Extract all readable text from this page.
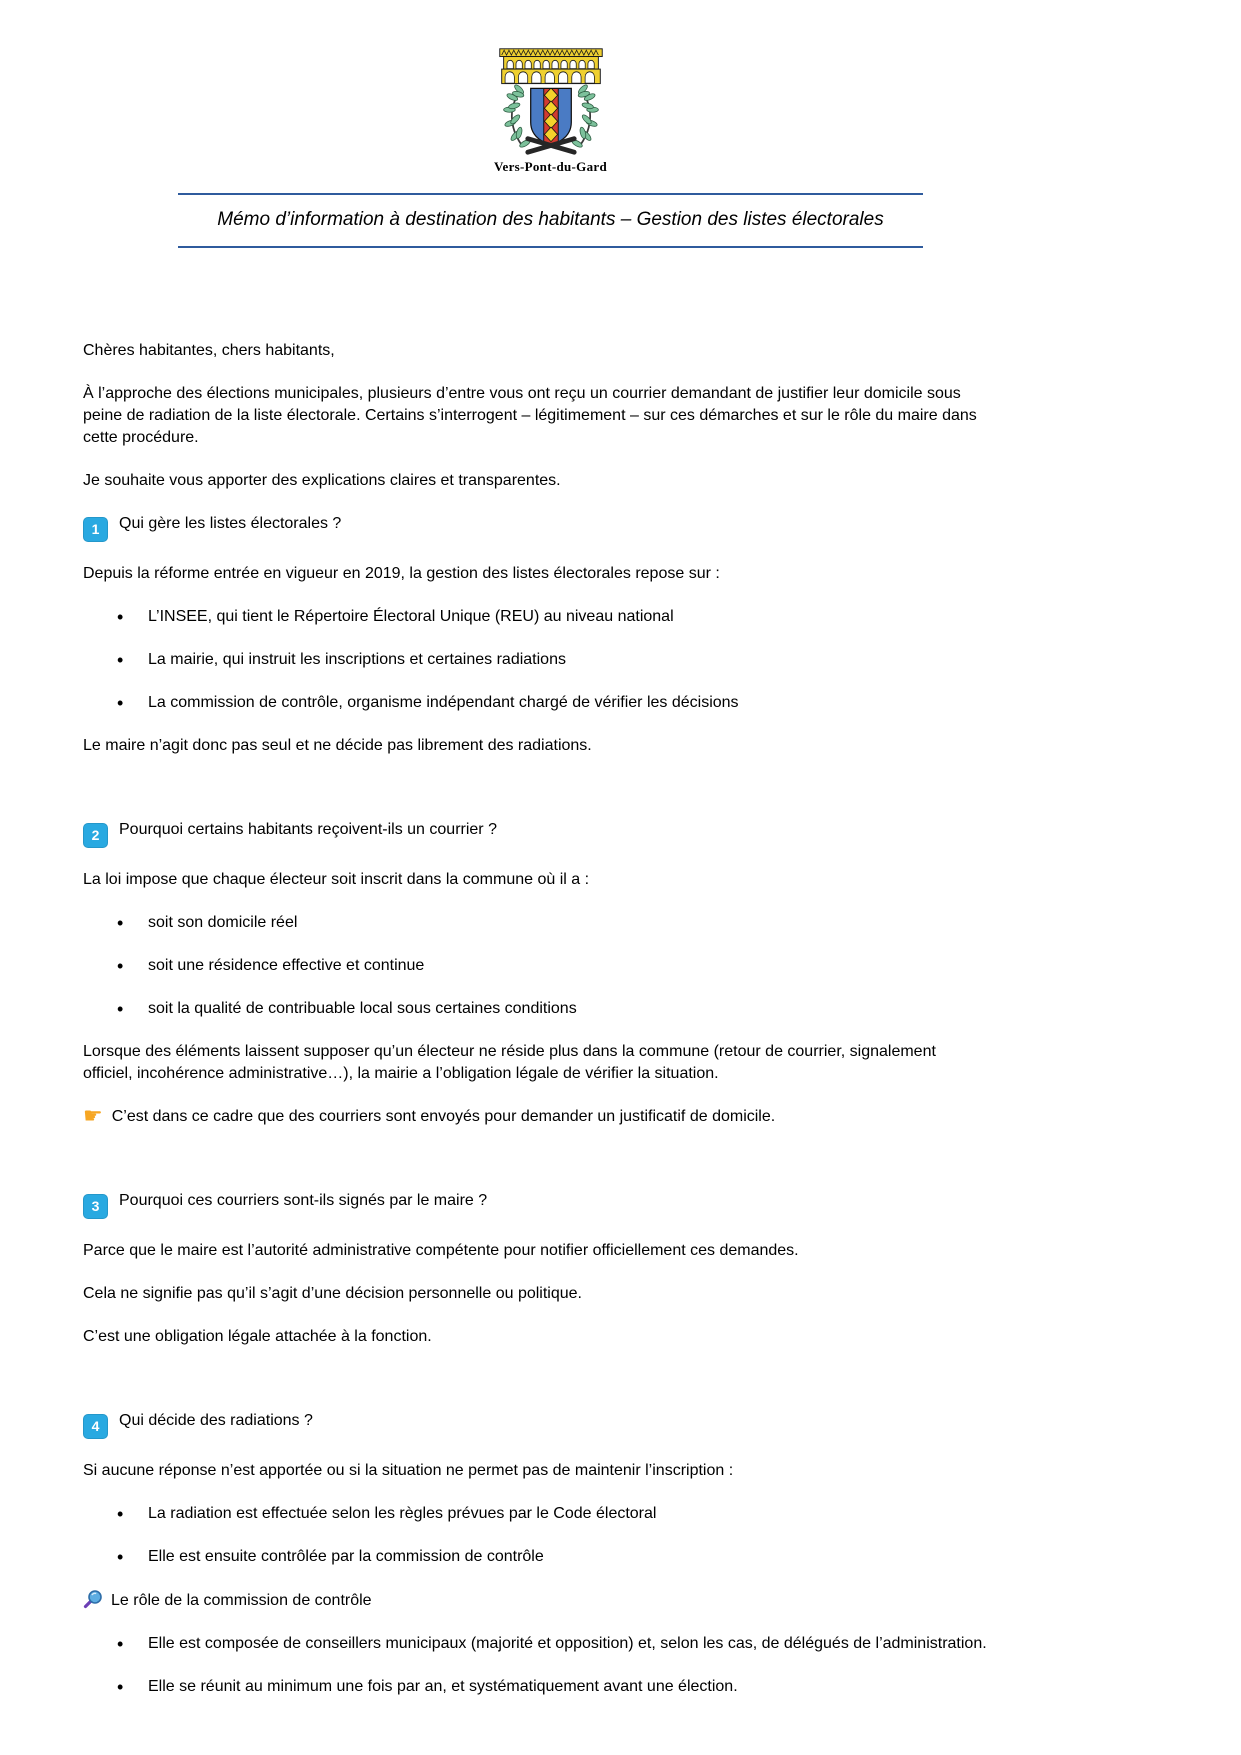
Vers-Pont-du-Gard
Mémo d’information à destination des habitants – Gestion des listes électorales

Chères habitantes, chers habitants,

À l’approche des élections municipales, plusieurs d’entre vous ont reçu un courrier demandant de justifier leur domicile sous
peine de radiation de la liste électorale. Certains s’interrogent – légitimement – sur ces démarches et sur le rôle du maire dans
cette procédure.

Je souhaite vous apporter des explications claires et transparentes.

1 Qui gère les listes électorales ?

Depuis la réforme entrée en vigueur en 2019, la gestion des listes électorales repose sur :

• L’INSEE, qui tient le Répertoire Électoral Unique (REU) au niveau national
• La mairie, qui instruit les inscriptions et certaines radiations
• La commission de contrôle, organisme indépendant chargé de vérifier les décisions

Le maire n’agit donc pas seul et ne décide pas librement des radiations.

2 Pourquoi certains habitants reçoivent-ils un courrier ?

La loi impose que chaque électeur soit inscrit dans la commune où il a :

• soit son domicile réel
• soit une résidence effective et continue
• soit la qualité de contribuable local sous certaines conditions

Lorsque des éléments laissent supposer qu’un électeur ne réside plus dans la commune (retour de courrier, signalement
officiel, incohérence administrative…), la mairie a l’obligation légale de vérifier la situation.

☛ C’est dans ce cadre que des courriers sont envoyés pour demander un justificatif de domicile.

3 Pourquoi ces courriers sont-ils signés par le maire ?

Parce que le maire est l’autorité administrative compétente pour notifier officiellement ces demandes.

Cela ne signifie pas qu’il s’agit d’une décision personnelle ou politique.

C’est une obligation légale attachée à la fonction.

4 Qui décide des radiations ?

Si aucune réponse n’est apportée ou si la situation ne permet pas de maintenir l’inscription :

• La radiation est effectuée selon les règles prévues par le Code électoral
• Elle est ensuite contrôlée par la commission de contrôle

Le rôle de la commission de contrôle

• Elle est composée de conseillers municipaux (majorité et opposition) et, selon les cas, de délégués de l’administration.
• Elle se réunit au minimum une fois par an, et systématiquement avant une élection.
